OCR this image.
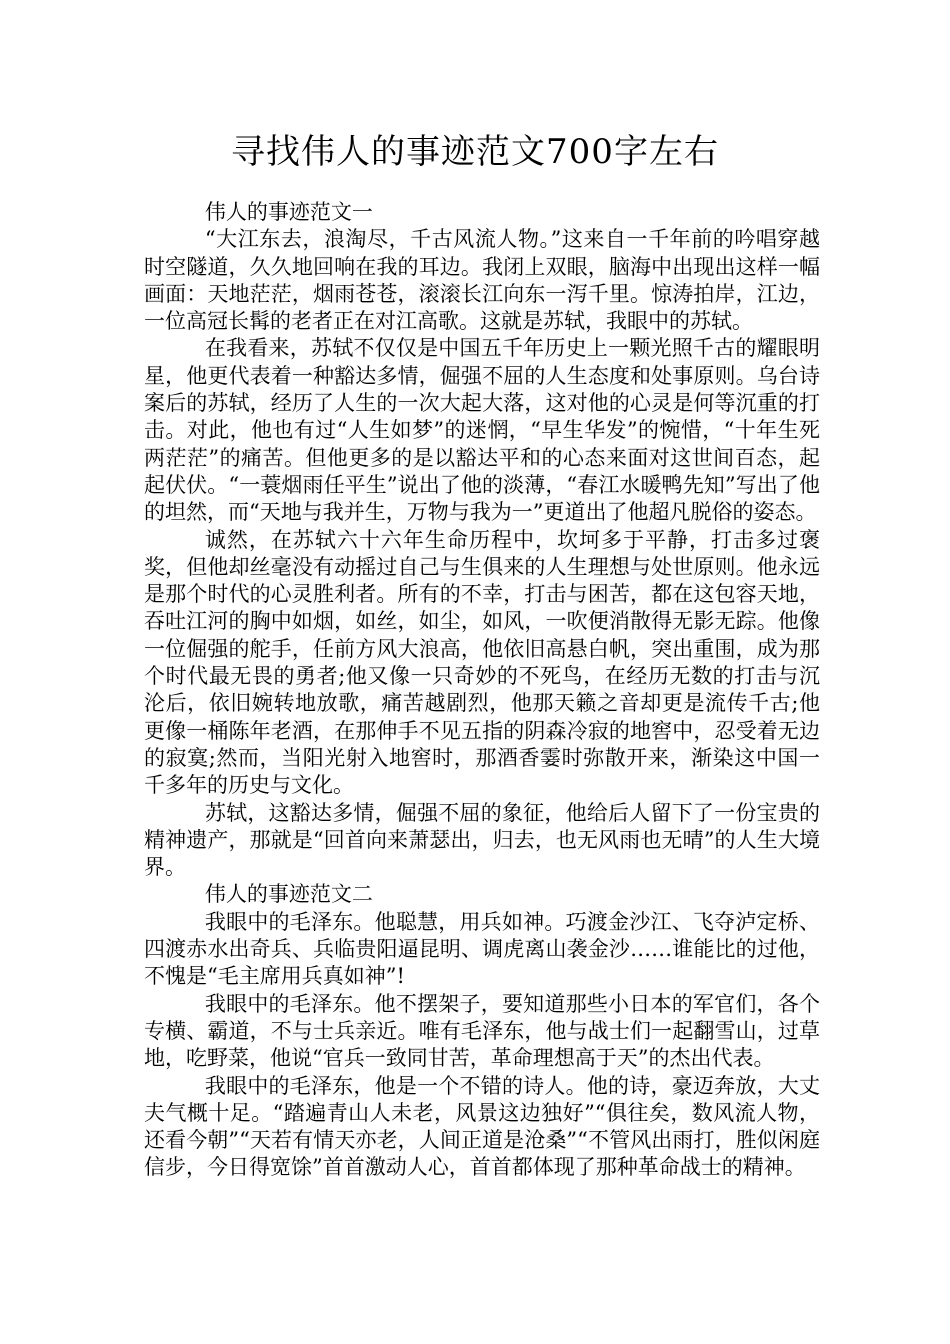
寻找伟人的事迹范文700字左右

伟人的事迹范文一

“大江东去，浪淘尽，千古风流人物。”这来自一千年前的吟唱穿越时空隧道，久久地回响在我的耳边。我闭上双眼，脑海中出现出这样一幅画面：天地茫茫，烟雨苍苍，滚滚长江向东一泻千里。惊涛拍岸，江边，一位高冠长髯的老者正在对江高歌。这就是苏轼，我眼中的苏轼。

在我看来，苏轼不仅仅是中国五千年历史上一颗光照千古的耀眼明星，他更代表着一种豁达多情，倔强不屈的人生态度和处事原则。乌台诗案后的苏轼，经历了人生的一次大起大落，这对他的心灵是何等沉重的打击。对此，他也有过“人生如梦”的迷惘，“早生华发”的惋惜，“十年生死两茫茫”的痛苦。但他更多的是以豁达平和的心态来面对这世间百态，起起伏伏。“一蓑烟雨任平生”说出了他的淡薄，“春江水暖鸭先知”写出了他的坦然，而“天地与我并生，万物与我为一”更道出了他超凡脱俗的姿态。

诚然，在苏轼六十六年生命历程中，坎坷多于平静，打击多过褒奖，但他却丝毫没有动摇过自己与生俱来的人生理想与处世原则。他永远是那个时代的心灵胜利者。所有的不幸，打击与困苦，都在这包容天地，吞吐江河的胸中如烟，如丝，如尘，如风，一吹便消散得无影无踪。他像一位倔强的舵手，任前方风大浪高，他依旧高悬白帆，突出重围，成为那个时代最无畏的勇者;他又像一只奇妙的不死鸟，在经历无数的打击与沉沦后，依旧婉转地放歌，痛苦越剧烈，他那天籁之音却更是流传千古;他更像一桶陈年老酒，在那伸手不见五指的阴森冷寂的地窖中，忍受着无边的寂寞;然而，当阳光射入地窖时，那酒香霎时弥散开来，渐染这中国一千多年的历史与文化。

苏轼，这豁达多情，倔强不屈的象征，他给后人留下了一份宝贵的精神遗产，那就是“回首向来萧瑟出，归去，也无风雨也无晴”的人生大境界。

伟人的事迹范文二

我眼中的毛泽东。他聪慧，用兵如神。巧渡金沙江、飞夺泸定桥、四渡赤水出奇兵、兵临贵阳逼昆明、调虎离山袭金沙……谁能比的过他，不愧是“毛主席用兵真如神”!

我眼中的毛泽东。他不摆架子，要知道那些小日本的军官们，各个专横、霸道，不与士兵亲近。唯有毛泽东，他与战士们一起翻雪山，过草地，吃野菜，他说“官兵一致同甘苦，革命理想高于天”的杰出代表。

我眼中的毛泽东，他是一个不错的诗人。他的诗，豪迈奔放，大丈夫气概十足。“踏遍青山人未老，风景这边独好”“俱往矣，数风流人物，还看今朝”“天若有情天亦老，人间正道是沧桑”“不管风出雨打，胜似闲庭信步，今日得宽馀”首首激动人心，首首都体现了那种革命战士的精神。
